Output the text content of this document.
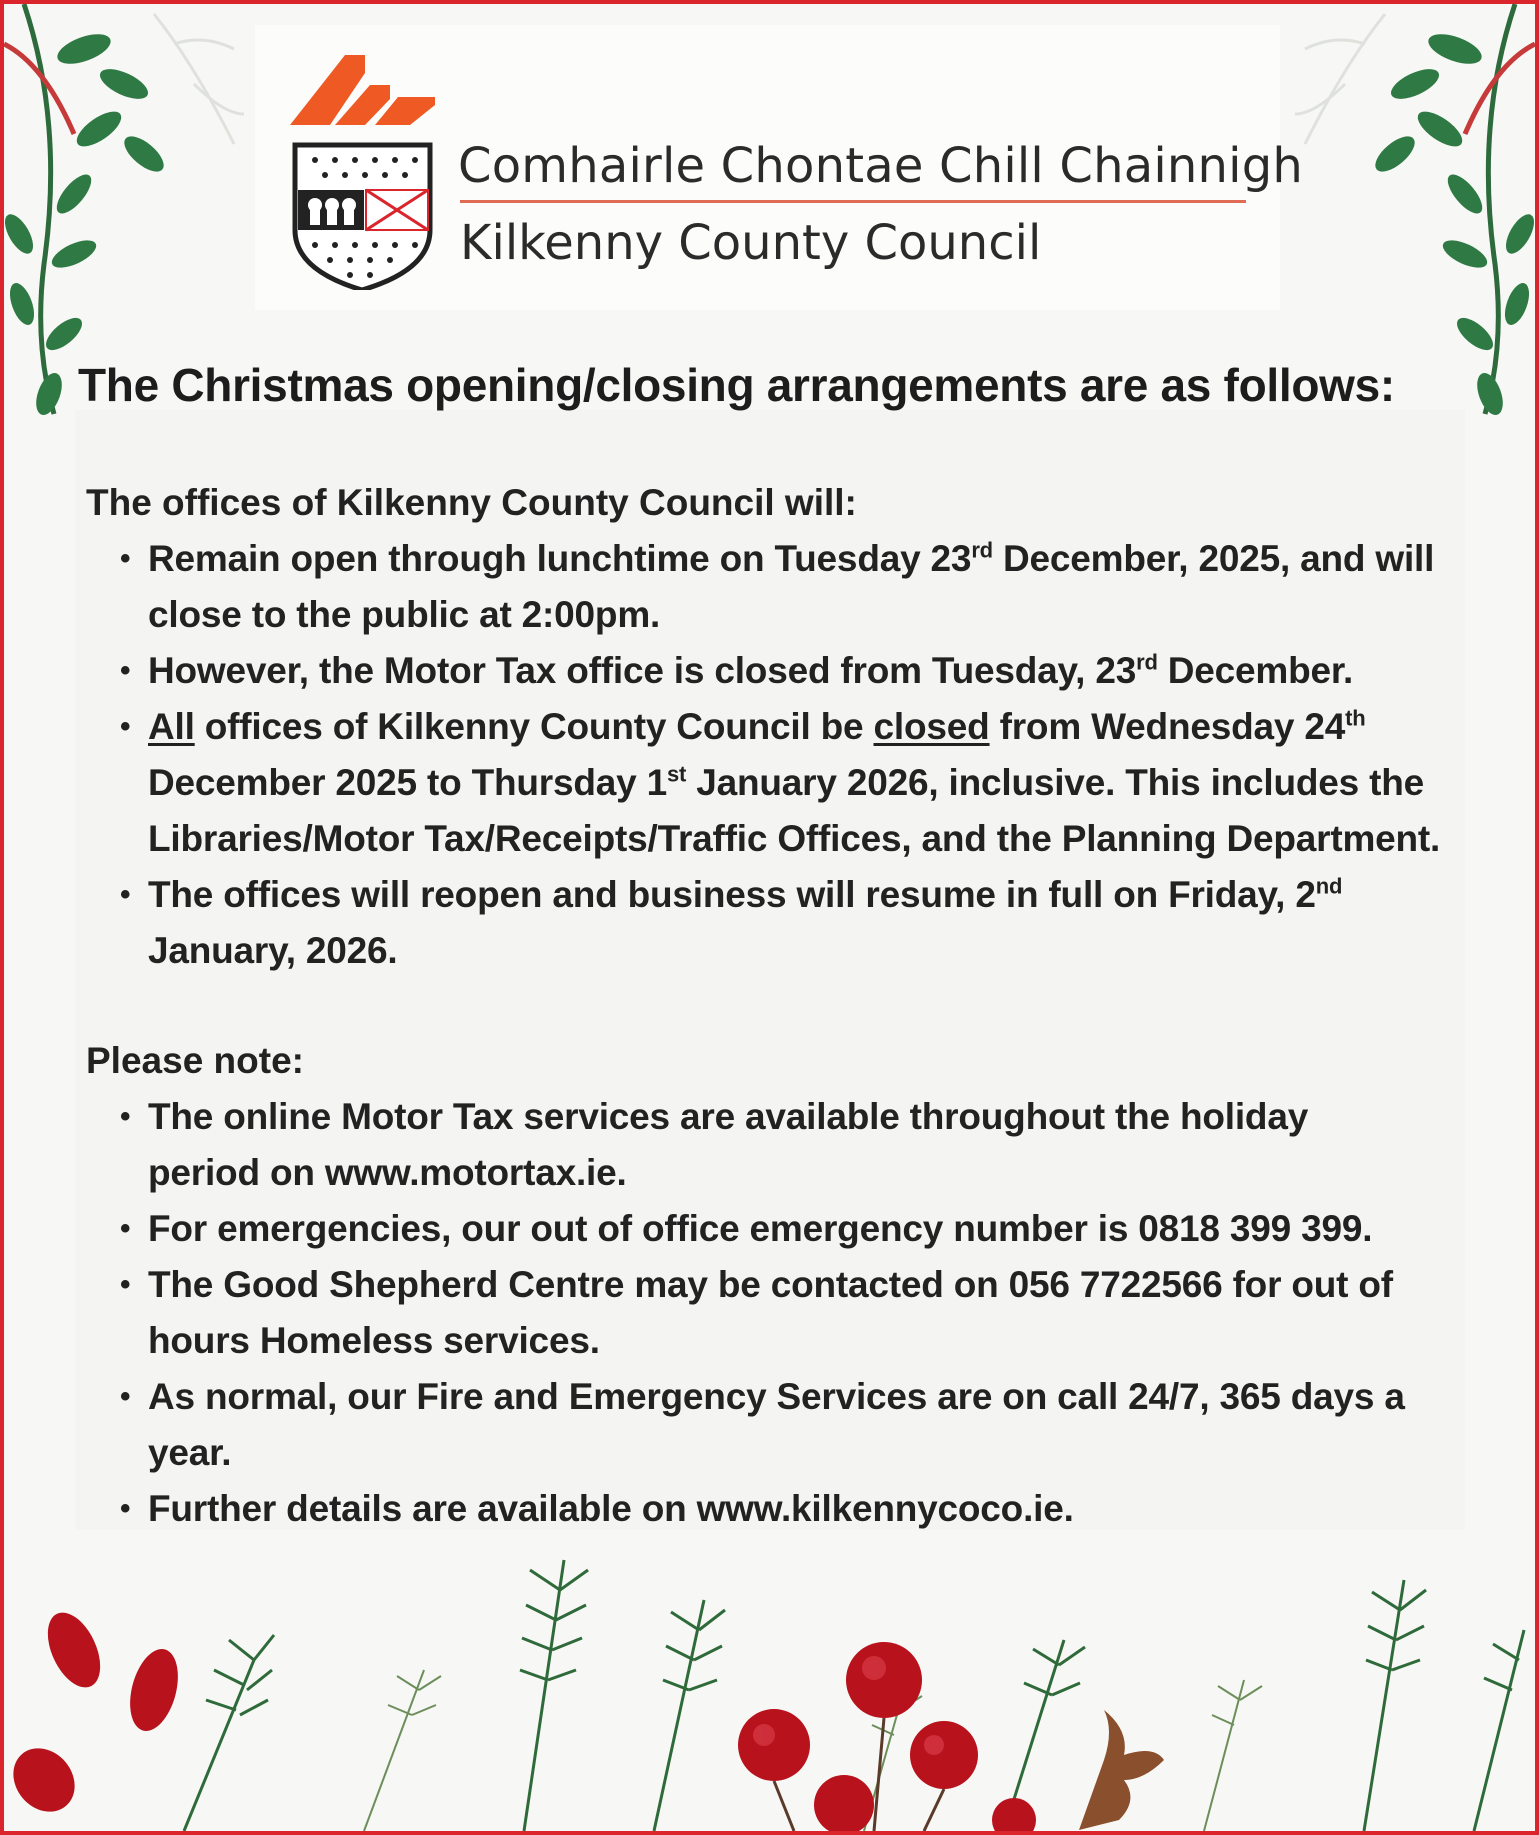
Comhairle Chontae Chill Chainnigh
Kilkenny County Council
The Christmas opening/closing arrangements are as follows:

The offices of Kilkenny County Council will:

• Remain open through lunchtime on Tuesday 23rd December, 2025, and will close to the public at 2:00pm.
• However, the Motor Tax office is closed from Tuesday, 23rd December.
• All offices of Kilkenny County Council be closed from Wednesday 24th December 2025 to Thursday 1st January 2026, inclusive. This includes the Libraries/Motor Tax/Receipts/Traffic Offices, and the Planning Department.
• The offices will reopen and business will resume in full on Friday, 2nd January, 2026.

Please note:

• The online Motor Tax services are available throughout the holiday period on www.motortax.ie.
• For emergencies, our out of office emergency number is 0818 399 399.
• The Good Shepherd Centre may be contacted on 056 7722566 for out of hours Homeless services.
• As normal, our Fire and Emergency Services are on call 24/7, 365 days a year.
• Further details are available on www.kilkennycoco.ie.
